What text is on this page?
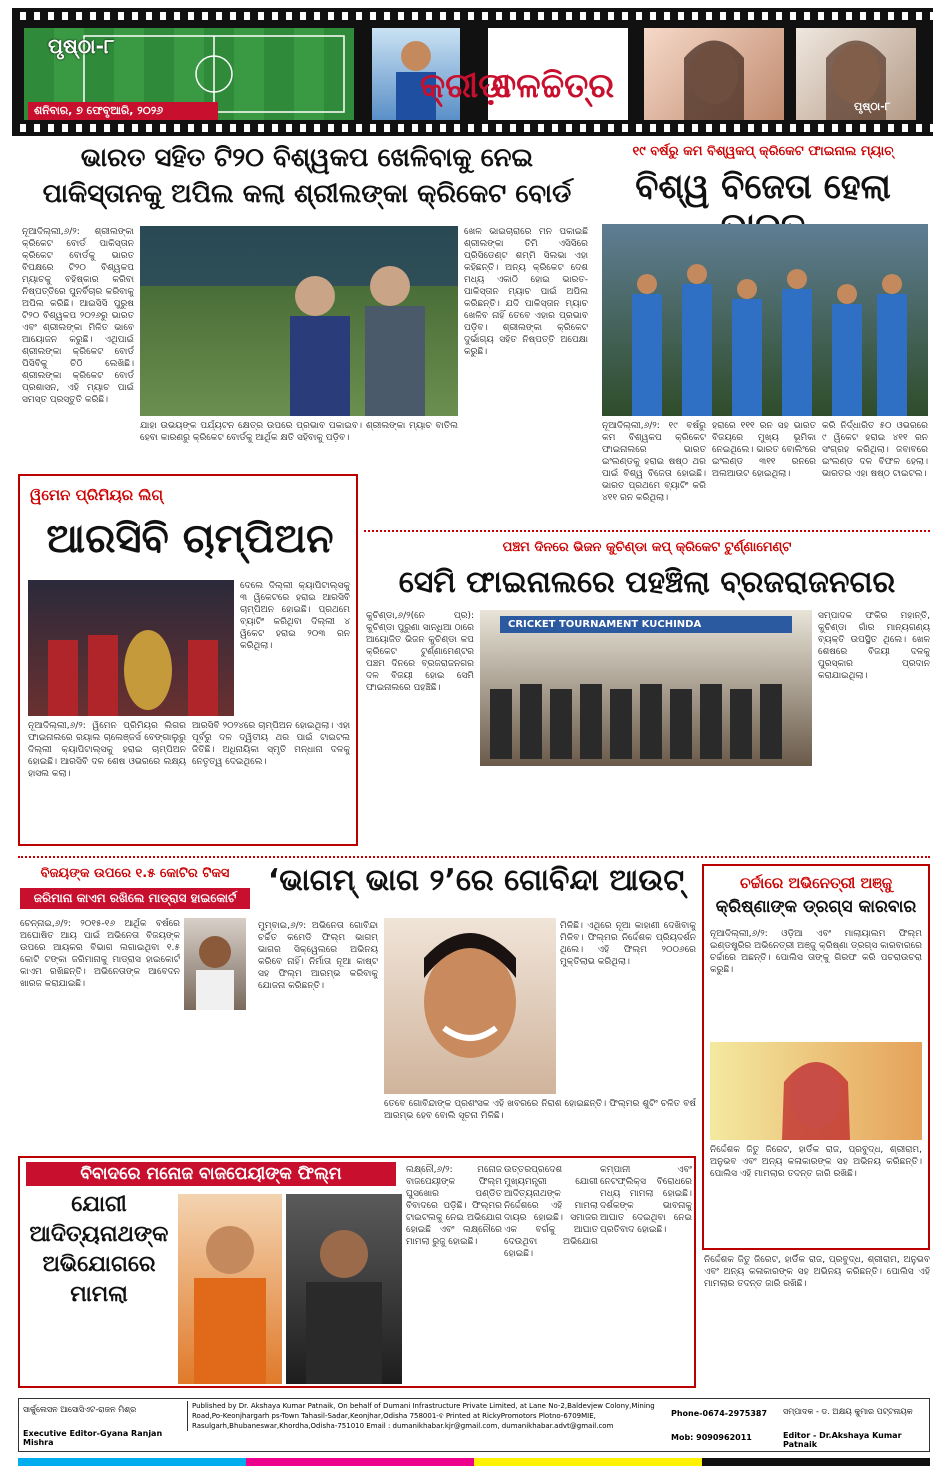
ପୃଷ୍ଠା-୮
ଶନିବାର, ୭ ଫେବୃଆରି, ୨୦୨୬
କ୍ରୀଡ଼ା
ଚଳଚ୍ଚିତ୍ର
ପୃଷ୍ଠା-୮
ଭାରତ ସହିତ ଟି୨୦ ବିଶ୍ୱକପ ଖେଳିବାକୁ ନେଇ
ପାକିସ୍ତାନକୁ ଅପିଲ କଲା ଶ୍ରୀଲଙ୍କା କ୍ରିକେଟ ବୋର୍ଡ
ନୂଆଦିଲ୍ଲୀ,୬/୨: ଶ୍ରୀଲଙ୍କା କ୍ରିକେଟ ବୋର୍ଡ ପାକିସ୍ତାନ କ୍ରିକେଟ ବୋର୍ଡକୁ ଭାରତ ବିପକ୍ଷରେ ଟି୨୦ ବିଶ୍ୱକପ ମ୍ୟାଚକୁ ବହିଷ୍କାର କରିବା ନିଷ୍ପତ୍ତିରେ ପୁନର୍ବିଚାର କରିବାକୁ ଅପିଲ କରିଛି। ଆଇସିସି ପୁରୁଷ ଟି୨୦ ବିଶ୍ୱକପ ୨୦୨୬ରୁ ଭାରତ ଏବଂ ଶ୍ରୀଲଙ୍କା ମିଳିତ ଭାବେ ଆୟୋଜନ କରୁଛି। ଏଥିପାଇଁ ଶ୍ରୀଲଙ୍କା କ୍ରିକେଟ ବୋର୍ଡ ପିସିବିକୁ ଚିଠି ଲେଖିଛି। ଶ୍ରୀଲଙ୍କା କ୍ରିକେଟ ବୋର୍ଡ ପ୍ରଶାସନ, ଏହି ମ୍ୟାଚ ପାଇଁ ସମସ୍ତ ପ୍ରସ୍ତୁତି କରିଛି।
ଯାହା ଉଭୟଙ୍କ ପର୍ଯ୍ୟଟନ କ୍ଷେତ୍ର ଉପରେ ପ୍ରଭାବ ପକାଇବ। ଶ୍ରୀଲଙ୍କା ମ୍ୟାଚ ବାତିଲ ହେବା କାରଣରୁ କ୍ରିକେଟ ବୋର୍ଡକୁ ଆର୍ଥିକ କ୍ଷତି ସହିବାକୁ ପଡ଼ିବ।
ଖେଳ ଭାଇଚାରାରେ ମନ ପକାଇଛି ଶ୍ରୀଲଙ୍କା ତିମି ଏସିସିରେ ପ୍ରିସିଡେଣ୍ଟ ଶମ୍ମି ସିଲଭା ଏହା କହିଛନ୍ତି। ଅନ୍ୟ କ୍ରିକେଟ ଦେଶ ମଧ୍ୟ ଏକାଠି ହୋଇ ଭାରତ-ପାକିସ୍ତାନ ମ୍ୟାଚ ପାଇଁ ଅପିଲ କରିଛନ୍ତି। ଯଦି ପାକିସ୍ତାନ ମ୍ୟାଚ ଖେଳିବ ନାହିଁ ତେବେ ଏହାର ପ୍ରଭାବ ପଡ଼ିବ। ଶ୍ରୀଲଙ୍କା କ୍ରିକେଟ ଦୁର୍ଭାଗ୍ୟ ସହିତ ନିଷ୍ପତ୍ତି ଅପେକ୍ଷା କରୁଛି।
୧୯ ବର୍ଷରୁ କମ ବିଶ୍ୱକପ୍ କ୍ରିକେଟ ଫାଇନାଲ ମ୍ୟାଚ୍
ବିଶ୍ୱ ବିଜେତା ହେଲା
ନୂଆଦିଲ୍ଲୀ,୬/୨: ୧୯ ବର୍ଷରୁ କମ ବିଶ୍ୱକପ କ୍ରିକେଟ ଫାଇନାଲରେ ଭାରତ ଇଂଲଣ୍ଡକୁ ହରାଇ ଷଷ୍ଠ ଥର ପାଇଁ ବିଶ୍ୱ ବିଜେତା ହୋଇଛି। ଭାରତ ପ୍ରଥମେ ବ୍ୟାଟିଂ କରି ୪୧୧ ରନ କରିଥିଲା।
ହରାରେ ୧୧୧ ରନ ସହ ଭାରତ ବିଜୟରେ ମୁଖ୍ୟ ଭୂମିକା ନେଇଥିଲେ। ଭାରତ ବୋଲିଂରେ ଇଂଲଣ୍ଡ ୩୧୧ ରନରେ ଅଲଆଉଟ ହୋଇଥିଲା।
କରି ନିର୍ଦ୍ଧାରିତ ୫୦ ଓଭରରେ ୯ ୱିକେଟ ହରାଇ ୪୧୧ ରନ ସଂଗ୍ରହ କରିଥିଲା। ଜବାବରେ ଇଂଲଣ୍ଡ ଦଳ ବିଫଳ ହେଲା। ଭାରତର ଏହା ଷଷ୍ଠ ଟାଇଟଲ।
ୱିମେନ ପ୍ରିମିୟର ଲିଗ୍
ଆରସିବି ଚାମ୍ପିଅନ
ଦେଲେ ଦିଲ୍ଲୀ କ୍ୟାପିଟାଲ୍ସକୁ ୩ ୱିକେଟରେ ହରାଇ ଆରସିବି ଚାମ୍ପିଅନ ହୋଇଛି। ପ୍ରଥମେ ବ୍ୟାଟିଂ କରିଥିବା ଦିଲ୍ଲୀ ୪ ୱିକେଟ ହରାଇ ୨୦୩ ରନ କରିଥିଲା।
ନୂଆଦିଲ୍ଲୀ,୬/୨: ୱିମେନ ପ୍ରିମିୟର ଲିଗର ଫାଇନାଲରେ ରୟାଲ ଚାଲେଞ୍ଜର୍ସ ବେଙ୍ଗାଲୁରୁ ଦିଲ୍ଲୀ କ୍ୟାପିଟାଲ୍ସକୁ ହରାଇ ଚାମ୍ପିଅନ ହୋଇଛି। ଆରସିବି ଦଳ ଶେଷ ଓଭରରେ ଲକ୍ଷ୍ୟ ହାସଲ କଲା।
ଆରସିବି ୨୦୨୪ରେ ଚାମ୍ପିଅନ ହୋଇଥିଲା। ଏହା ପୂର୍ବରୁ ଦଳ ଦ୍ୱିତୀୟ ଥର ପାଇଁ ଟାଇଟଲ ଜିତିଛି। ଅଧିନାୟିକା ସ୍ମୃତି ମନ୍ଧାନା ଦଳକୁ ନେତୃତ୍ୱ ଦେଇଥିଲେ।
ପଞ୍ଚମ ଦିନରେ ଭିଜନ କୁଚିଣ୍ଡା କପ୍ କ୍ରିକେଟ ଟୁର୍ଣ୍ଣାମେଣ୍ଟ
ସେମି ଫାଇନାଲରେ ପହଞ୍ଚିଲା ବ୍ରଜରାଜନଗର
କୁଚିଣ୍ଡା,୬/୨(ନେ ପ୍ର): କୁଚିଣ୍ଡା ପୁରୁଣା ସାନ୍ଧିଆ ଠାରେ ଆୟୋଜିତ ଭିଜନ କୁଚିଣ୍ଡା କପ କ୍ରିକେଟ ଟୁର୍ଣ୍ଣାମେଣ୍ଟର ପଞ୍ଚମ ଦିନରେ ବ୍ରଜରାଜନଗର ଦଳ ବିଜୟୀ ହୋଇ ସେମି ଫାଇନାଲରେ ପହଞ୍ଚିଛି।
CRICKET TOURNAMENT KUCHINDA
ସମ୍ପାଦକ ଫକିର ମହାନ୍ତି, କୁଚିଣ୍ଡା ଗାଁର ମାନ୍ୟଗଣ୍ୟ ବ୍ୟକ୍ତି ଉପସ୍ଥିତ ଥିଲେ। ଖେଳ ଶେଷରେ ବିଜୟୀ ଦଳକୁ ପୁରସ୍କାର ପ୍ରଦାନ କରାଯାଇଥିଲା।
ବିଜୟଙ୍କ ଉପରେ ୧.୫ କୋଟିର ଟିକସ
ଜରିମାନା କାଏମ ରଖିଲେ ମାଡ୍ରାସ ହାଇକୋର୍ଟ
ଚେନ୍ନାଇ,୬/୨: ୨୦୧୫-୧୬ ଆର୍ଥିକ ବର୍ଷରେ ଅଘୋଷିତ ଆୟ ପାଇଁ ଅଭିନେତା ବିଜୟଙ୍କ ଉପରେ ଆୟକର ବିଭାଗ ଲଗାଇଥିବା ୧.୫ କୋଟି ଟଙ୍କା ଜରିମାନାକୁ ମାଡ୍ରାସ ହାଇକୋର୍ଟ କାଏମ ରଖିଛନ୍ତି। ଅଭିନେତାଙ୍କ ଆବେଦନ ଖାରଜ କରାଯାଇଛି।
‘ଭାଗମ୍ ଭାଗ ୨’ରେ ଗୋବିନ୍ଦା ଆଉଟ୍
ମୁମ୍ବାଇ,୬/୨: ଅଭିନେତା ଗୋବିନ୍ଦା ଚର୍ଚ୍ଚିତ କମେଡି ଫିଲ୍ମ ଭାଗମ୍ ଭାଗର ସିକ୍ୱେଲରେ ଅଭିନୟ କରିବେ ନାହିଁ। ନିର୍ମାତା ନୂଆ କାଷ୍ଟ ସହ ଫିଲ୍ମ ଆରମ୍ଭ କରିବାକୁ ଯୋଜନା କରିଛନ୍ତି।
ମିଳିଛି। ଏଥିରେ ନୂଆ କାହାଣୀ ଦେଖିବାକୁ ମିଳିବ। ଫିଲ୍ମର ନିର୍ଦ୍ଦେଶକ ପ୍ରିୟଦର୍ଶନ ଥିଲେ। ଏହି ଫିଲ୍ମ ୨୦୦୬ରେ ମୁକ୍ତିଲାଭ କରିଥିଲା।
ତେବେ ଗୋବିନ୍ଦାଙ୍କ ପ୍ରଶଂସକ ଏହି ଖବରରେ ନିରାଶ ହୋଇଛନ୍ତି। ଫିଲ୍ମର ଶୁଟିଂ ଚଳିତ ବର୍ଷ ଆରମ୍ଭ ହେବ ବୋଲି ସୂଚନା ମିଳିଛି।
ଚର୍ଚ୍ଚାରେ ଅଭିନେତ୍ରୀ ଅଞ୍ଜୁ
କ୍ରିଷ୍ଣାଙ୍କ ଡ୍ରଗ୍ସ କାରବାର
ନୂଆଦିଲ୍ଲୀ,୬/୨: ଓଡ଼ିଆ ଏବଂ ମାଲାୟାଲମ ଫିଲ୍ମ ଇଣ୍ଡଷ୍ଟ୍ରିର ଅଭିନେତ୍ରୀ ଅଞ୍ଜୁ କ୍ରିଷ୍ଣା ଡ୍ରଗ୍ସ କାରବାରରେ ଚର୍ଚ୍ଚାରେ ଅଛନ୍ତି। ପୋଲିସ ତାଙ୍କୁ ଗିରଫ କରି ପଚରାଉଚରା କରୁଛି।
ନିର୍ଦ୍ଦେଶକ ଜିତୁ ଜିରେଟ, ହାର୍ଡିକ ରାଜ, ପ୍ରବୁଦ୍ଧ, ଶ୍ରୀରାମ, ଅନୁଭବ ଏବଂ ଅନ୍ୟ କଳାକାରଙ୍କ ସହ ଅଭିନୟ କରିଛନ୍ତି। ପୋଲିସ ଏହି ମାମଲାର ତଦନ୍ତ ଜାରି ରଖିଛି।
ବିବାଦରେ ମନୋଜ ବାଜପେୟୀଙ୍କ ଫିଲ୍ମ
ଯୋଗୀ
ଆଦିତ୍ୟନାଥଙ୍କ
ଅଭିଯୋଗରେ
ମାମଲା
ଲକ୍ଷ୍ନୌ,୬/୨: ମନୋଜ ବାଜପେୟୀଙ୍କ ଫିଲ୍ମ ଘୁସଖୋର ପଣ୍ଡିତ ବିବାଦରେ ପଡ଼ିଛି। ଫିଲ୍ମର ଟାଇଟଲକୁ ନେଇ ଅଭିଯୋଗ ହୋଇଛି ଏବଂ ଲକ୍ଷ୍ନୌରେ ମାମଲା ରୁଜୁ ହୋଇଛି।
ଉତ୍ତରପ୍ରଦେଶ ମୁଖ୍ୟମନ୍ତ୍ରୀ ଯୋଗୀ ଆଦିତ୍ୟନାଥଙ୍କ ନିର୍ଦ୍ଦେଶରେ ଏହି ମାମଲା ଦାୟର ହୋଇଛି। ସମାଜର ଏକ ବର୍ଗକୁ ଆଘାତ ଦେଉଥିବା ଅଭିଯୋଗ ହୋଇଛି।
କମ୍ପାନୀ ଏବଂ ନେଟଫ୍ଲିକ୍ସ ବିରୋଧରେ ମଧ୍ୟ ମାମଲା ହୋଇଛି। ଦର୍ଶକଙ୍କ ଭାବନାକୁ ଆଘାତ ଦେଇଥିବା ନେଇ ପ୍ରତିବାଦ ହୋଇଛି।
ନିର୍ଦ୍ଦେଶକ ଜିତୁ ଜିରେଟ, ହାର୍ଡିକ ରାଜ, ପ୍ରବୁଦ୍ଧ, ଶ୍ରୀରାମ, ଅନୁଭବ ଏବଂ ଅନ୍ୟ କଳାକାରଙ୍କ ସହ ଅଭିନୟ କରିଛନ୍ତି। ପୋଲିସ ଏହି ମାମଲାର ତଦନ୍ତ ଜାରି ରଖିଛି।
ସାର୍କୁଲେସନ ଆସୋସିଏଟ-ରାଜନ ମିଶ୍ର
Executive Editor-Gyana Ranjan Mishra
Published by Dr. Akshaya Kumar Patnaik, On behalf of Dumani Infrastructure Private Limited, at Lane No-2,Baldevjew Colony,Mining Road,Po-Keonjhargarh ps-Town Tahasil-Sadar,Keonjhar,Odisha 758001-ବ Printed at RickyPromotors Plotno-6709MIE, Rasulgarh,Bhubaneswar,Khordha,Odisha-751010 Email : dumanikhabar.kjr@gmail.com, dumanikhabar.advt@gmail.com
Phone-0674-2975387
Mob: 9090962011
ସମ୍ପାଦକ - ଡ. ଅକ୍ଷୟ କୁମାର ପଟ୍ଟନାୟକ
Editor - Dr.Akshaya Kumar Patnaik
